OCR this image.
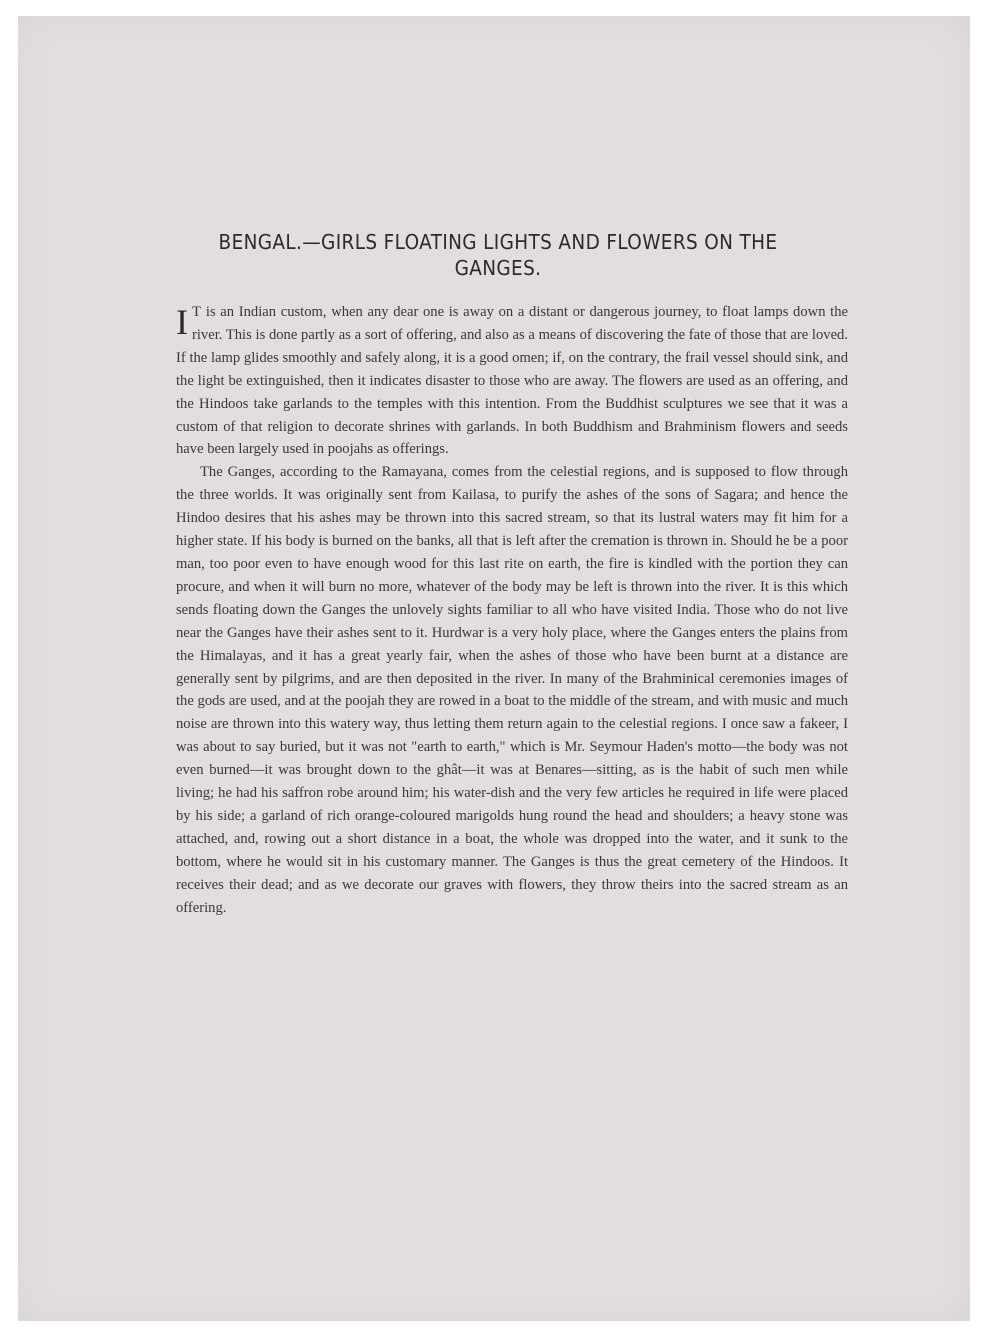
BENGAL.—GIRLS FLOATING LIGHTS AND FLOWERS ON THE GANGES.

I T is an Indian custom, when any dear one is away on a distant or dangerous journey, to float lamps down the river. This is done partly as a sort of offering, and also as a means of discovering the fate of those that are loved. If the lamp glides smoothly and safely along, it is a good omen; if, on the contrary, the frail vessel should sink, and the light be extinguished, then it indicates disaster to those who are away. The flowers are used as an offering, and the Hindoos take garlands to the temples with this intention. From the Buddhist sculptures we see that it was a custom of that religion to decorate shrines with garlands. In both Buddhism and Brahminism flowers and seeds have been largely used in poojahs as offerings.

The Ganges, according to the Ramayana, comes from the celestial regions, and is supposed to flow through the three worlds. It was originally sent from Kailasa, to purify the ashes of the sons of Sagara; and hence the Hindoo desires that his ashes may be thrown into this sacred stream, so that its lustral waters may fit him for a higher state. If his body is burned on the banks, all that is left after the cremation is thrown in. Should he be a poor man, too poor even to have enough wood for this last rite on earth, the fire is kindled with the portion they can procure, and when it will burn no more, whatever of the body may be left is thrown into the river. It is this which sends floating down the Ganges the unlovely sights familiar to all who have visited India. Those who do not live near the Ganges have their ashes sent to it. Hurdwar is a very holy place, where the Ganges enters the plains from the Himalayas, and it has a great yearly fair, when the ashes of those who have been burnt at a distance are generally sent by pilgrims, and are then deposited in the river. In many of the Brahminical ceremonies images of the gods are used, and at the poojah they are rowed in a boat to the middle of the stream, and with music and much noise are thrown into this watery way, thus letting them return again to the celestial regions. I once saw a fakeer, I was about to say buried, but it was not "earth to earth," which is Mr. Seymour Haden's motto—the body was not even burned—it was brought down to the ghât—it was at Benares—sitting, as is the habit of such men while living; he had his saffron robe around him; his water-dish and the very few articles he required in life were placed by his side; a garland of rich orange-coloured marigolds hung round the head and shoulders; a heavy stone was attached, and, rowing out a short distance in a boat, the whole was dropped into the water, and it sunk to the bottom, where he would sit in his customary manner. The Ganges is thus the great cemetery of the Hindoos. It receives their dead; and as we decorate our graves with flowers, they throw theirs into the sacred stream as an offering.
